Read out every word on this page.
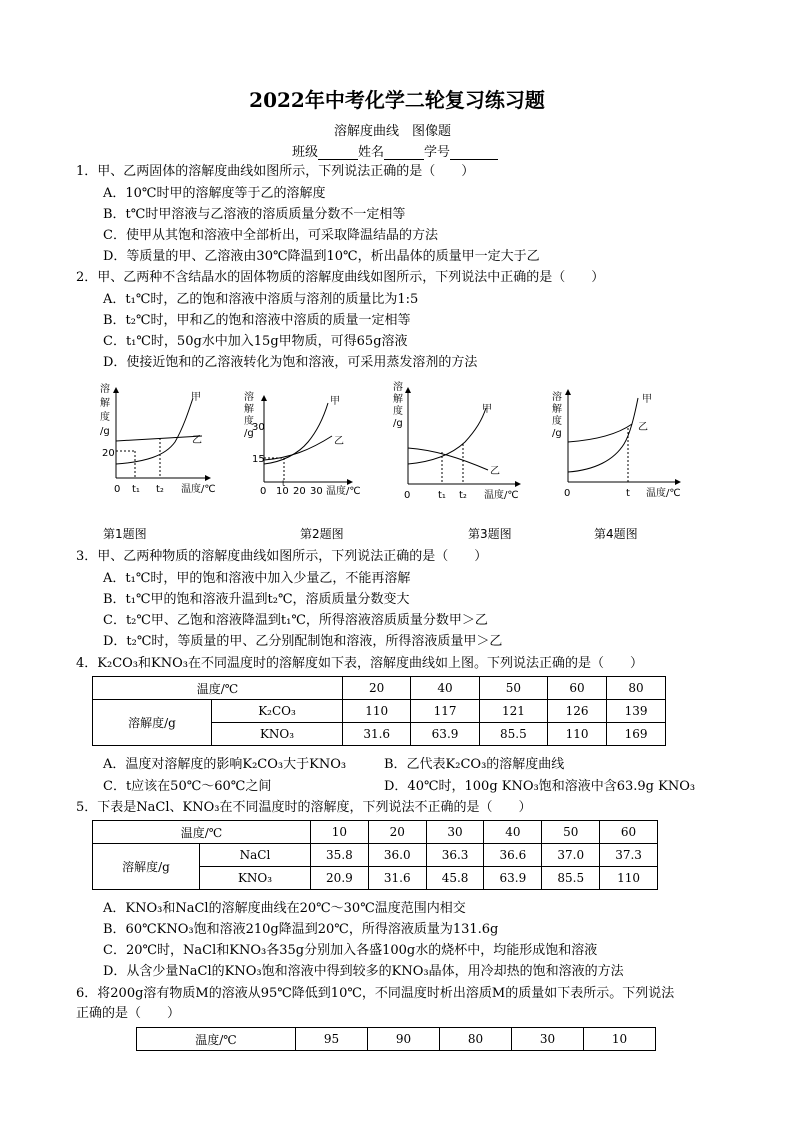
2022年中考化学二轮复习练习题
溶解度曲线　图像题
班级	姓名	学号
1．甲、乙两固体的溶解度曲线如图所示，下列说法正确的是（　　）
A．10℃时甲的溶解度等于乙的溶解度
B．t℃时甲溶液与乙溶液的溶质质量分数不一定相等
C．使甲从其饱和溶液中全部析出，可采取降温结晶的方法
D．等质量的甲、乙溶液由30℃降温到10℃，析出晶体的质量甲一定大于乙
2．甲、乙两种不含结晶水的固体物质的溶解度曲线如图所示，下列说法中正确的是（　　）
A．t₁℃时，乙的饱和溶液中溶质与溶剂的质量比为1:5
B．t₂℃时，甲和乙的饱和溶液中溶质的质量一定相等
C．t₁℃时，50g水中加入15g甲物质，可得65g溶液
D．使接近饱和的乙溶液转化为饱和溶液，可采用蒸发溶剂的方法
溶
解
度
/g
20
0 t₁ t₂ 温度/℃
甲
乙
第1题图
溶
解
度
/g
30
15
0 10 20 30
t
温度/℃
甲
乙
第2题图
溶
解
度
/g
0	t₁ t₂ 温度/℃
甲
乙
第3题图
溶
解
度
/g
0	t 温度/℃
甲
乙
第4题图
3．甲、乙两种物质的溶解度曲线如图所示，下列说法正确的是（　　）
A．t₁℃时，甲的饱和溶液中加入少量乙，不能再溶解
B．t₁℃甲的饱和溶液升温到t₂℃，溶质质量分数变大
C．t₂℃甲、乙饱和溶液降温到t₁℃，所得溶液溶质质量分数甲＞乙
D．t₂℃时，等质量的甲、乙分别配制饱和溶液，所得溶液质量甲＞乙
4．K₂CO₃和KNO₃在不同温度时的溶解度如下表，溶解度曲线如上图。下列说法正确的是（　　）
温度/℃		20	40	50	60	80
溶解度/g	K₂CO₃	110	117	121	126	139
	KNO₃	31.6	63.9	85.5	110	169
A．温度对溶解度的影响K₂CO₃大于KNO₃	B．乙代表K₂CO₃的溶解度曲线
C．t应该在50℃～60℃之间	D．40℃时，100g KNO₃饱和溶液中含63.9g KNO₃
5．下表是NaCl、KNO₃在不同温度时的溶解度，下列说法不正确的是（　　）
温度/℃		10	20	30	40	50	60
溶解度/g	NaCl	35.8	36.0	36.3	36.6	37.0	37.3
	KNO₃	20.9	31.6	45.8	63.9	85.5	110
A．KNO₃和NaCl的溶解度曲线在20℃～30℃温度范围内相交
B．60℃KNO₃饱和溶液210g降温到20℃，所得溶液质量为131.6g
C．20℃时，NaCl和KNO₃各35g分别加入各盛100g水的烧杯中，均能形成饱和溶液
D．从含少量NaCl的KNO₃饱和溶液中得到较多的KNO₃晶体，用冷却热的饱和溶液的方法
6．将200g溶有物质M的溶液从95℃降低到10℃，不同温度时析出溶质M的质量如下表所示。下列说法
正确的是（　　）
温度/℃	95	90	80	30	10
